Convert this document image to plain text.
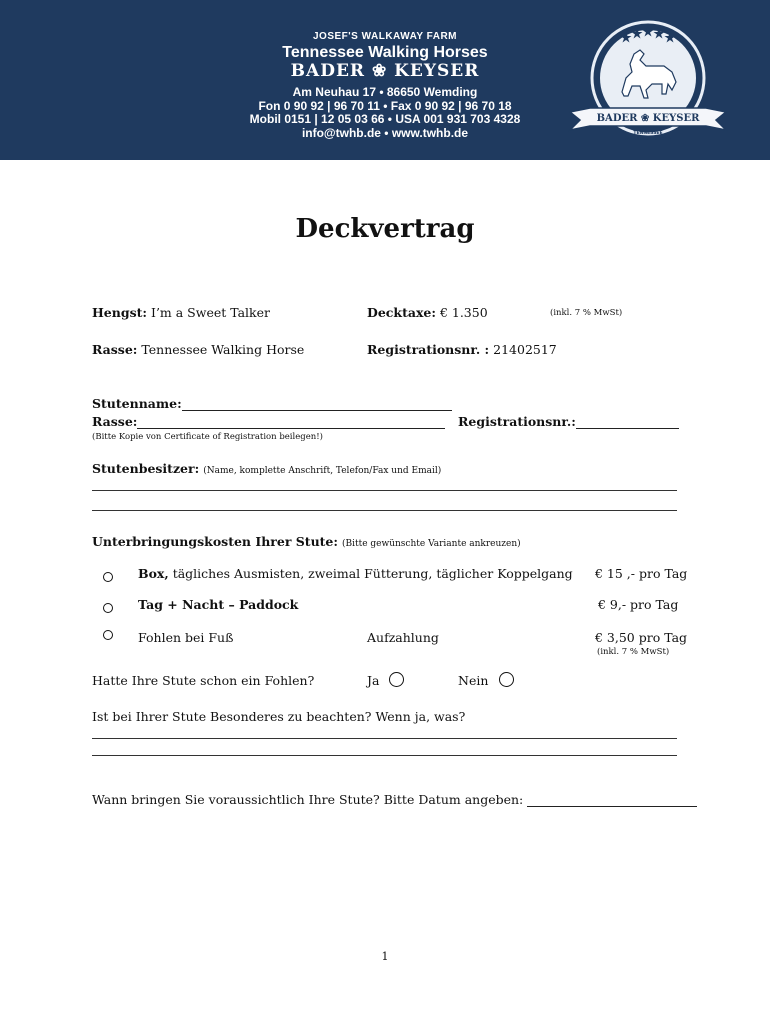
JOSEF'S WALKAWAY FARM
Tennessee Walking Horses
BADER ❀ KEYSER
Am Neuhau 17 • 86650 Wemding
Fon 0 90 92 | 96 70 11 • Fax 0 90 92 | 96 70 18
Mobil 0151 | 12 05 03 66 • USA 001 931 703 4328
info@twhb.de • www.twhb.de
BADER ❀ KEYSER
TENNESSEE
WALKING HORSES
Deckvertrag
Hengst: I’m a Sweet Talker	Decktaxe: € 1.350	(inkl. 7 % MwSt)
Rasse: Tennessee Walking Horse	Registrationsnr. : 21402517
Stutenname:
Rasse:	Registrationsnr.:
(Bitte Kopie von Certificate of Registration beilegen!)
Stutenbesitzer: (Name, komplette Anschrift, Telefon/Fax und Email)
Unterbringungskosten Ihrer Stute: (Bitte gewünschte Variante ankreuzen)
Box, tägliches Ausmisten, zweimal Fütterung, täglicher Koppelgang € 15 ,- pro Tag
Tag + Nacht – Paddock	€ 9,- pro Tag
Fohlen bei Fuß	Aufzahlung	€ 3,50 pro Tag
(inkl. 7 % MwSt)
Hatte Ihre Stute schon ein Fohlen?	Ja	Nein
Ist bei Ihrer Stute Besonderes zu beachten? Wenn ja, was?
Wann bringen Sie voraussichtlich Ihre Stute? Bitte Datum angeben:
1
